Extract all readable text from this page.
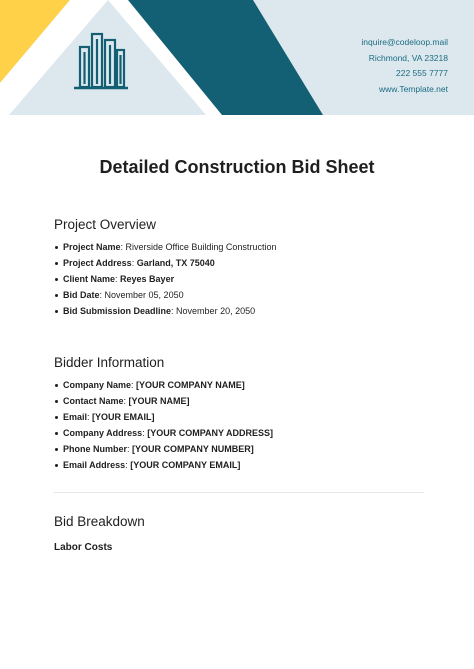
inquire@codeloop.mail
Richmond, VA 23218
222 555 7777
www.Template.net
Detailed Construction Bid Sheet
Project Overview
Project Name: Riverside Office Building Construction
Project Address: Garland, TX 75040
Client Name: Reyes Bayer
Bid Date: November 05, 2050
Bid Submission Deadline: November 20, 2050
Bidder Information
Company Name: [YOUR COMPANY NAME]
Contact Name: [YOUR NAME]
Email: [YOUR EMAIL]
Company Address: [YOUR COMPANY ADDRESS]
Phone Number: [YOUR COMPANY NUMBER]
Email Address: [YOUR COMPANY EMAIL]
Bid Breakdown
Labor Costs
